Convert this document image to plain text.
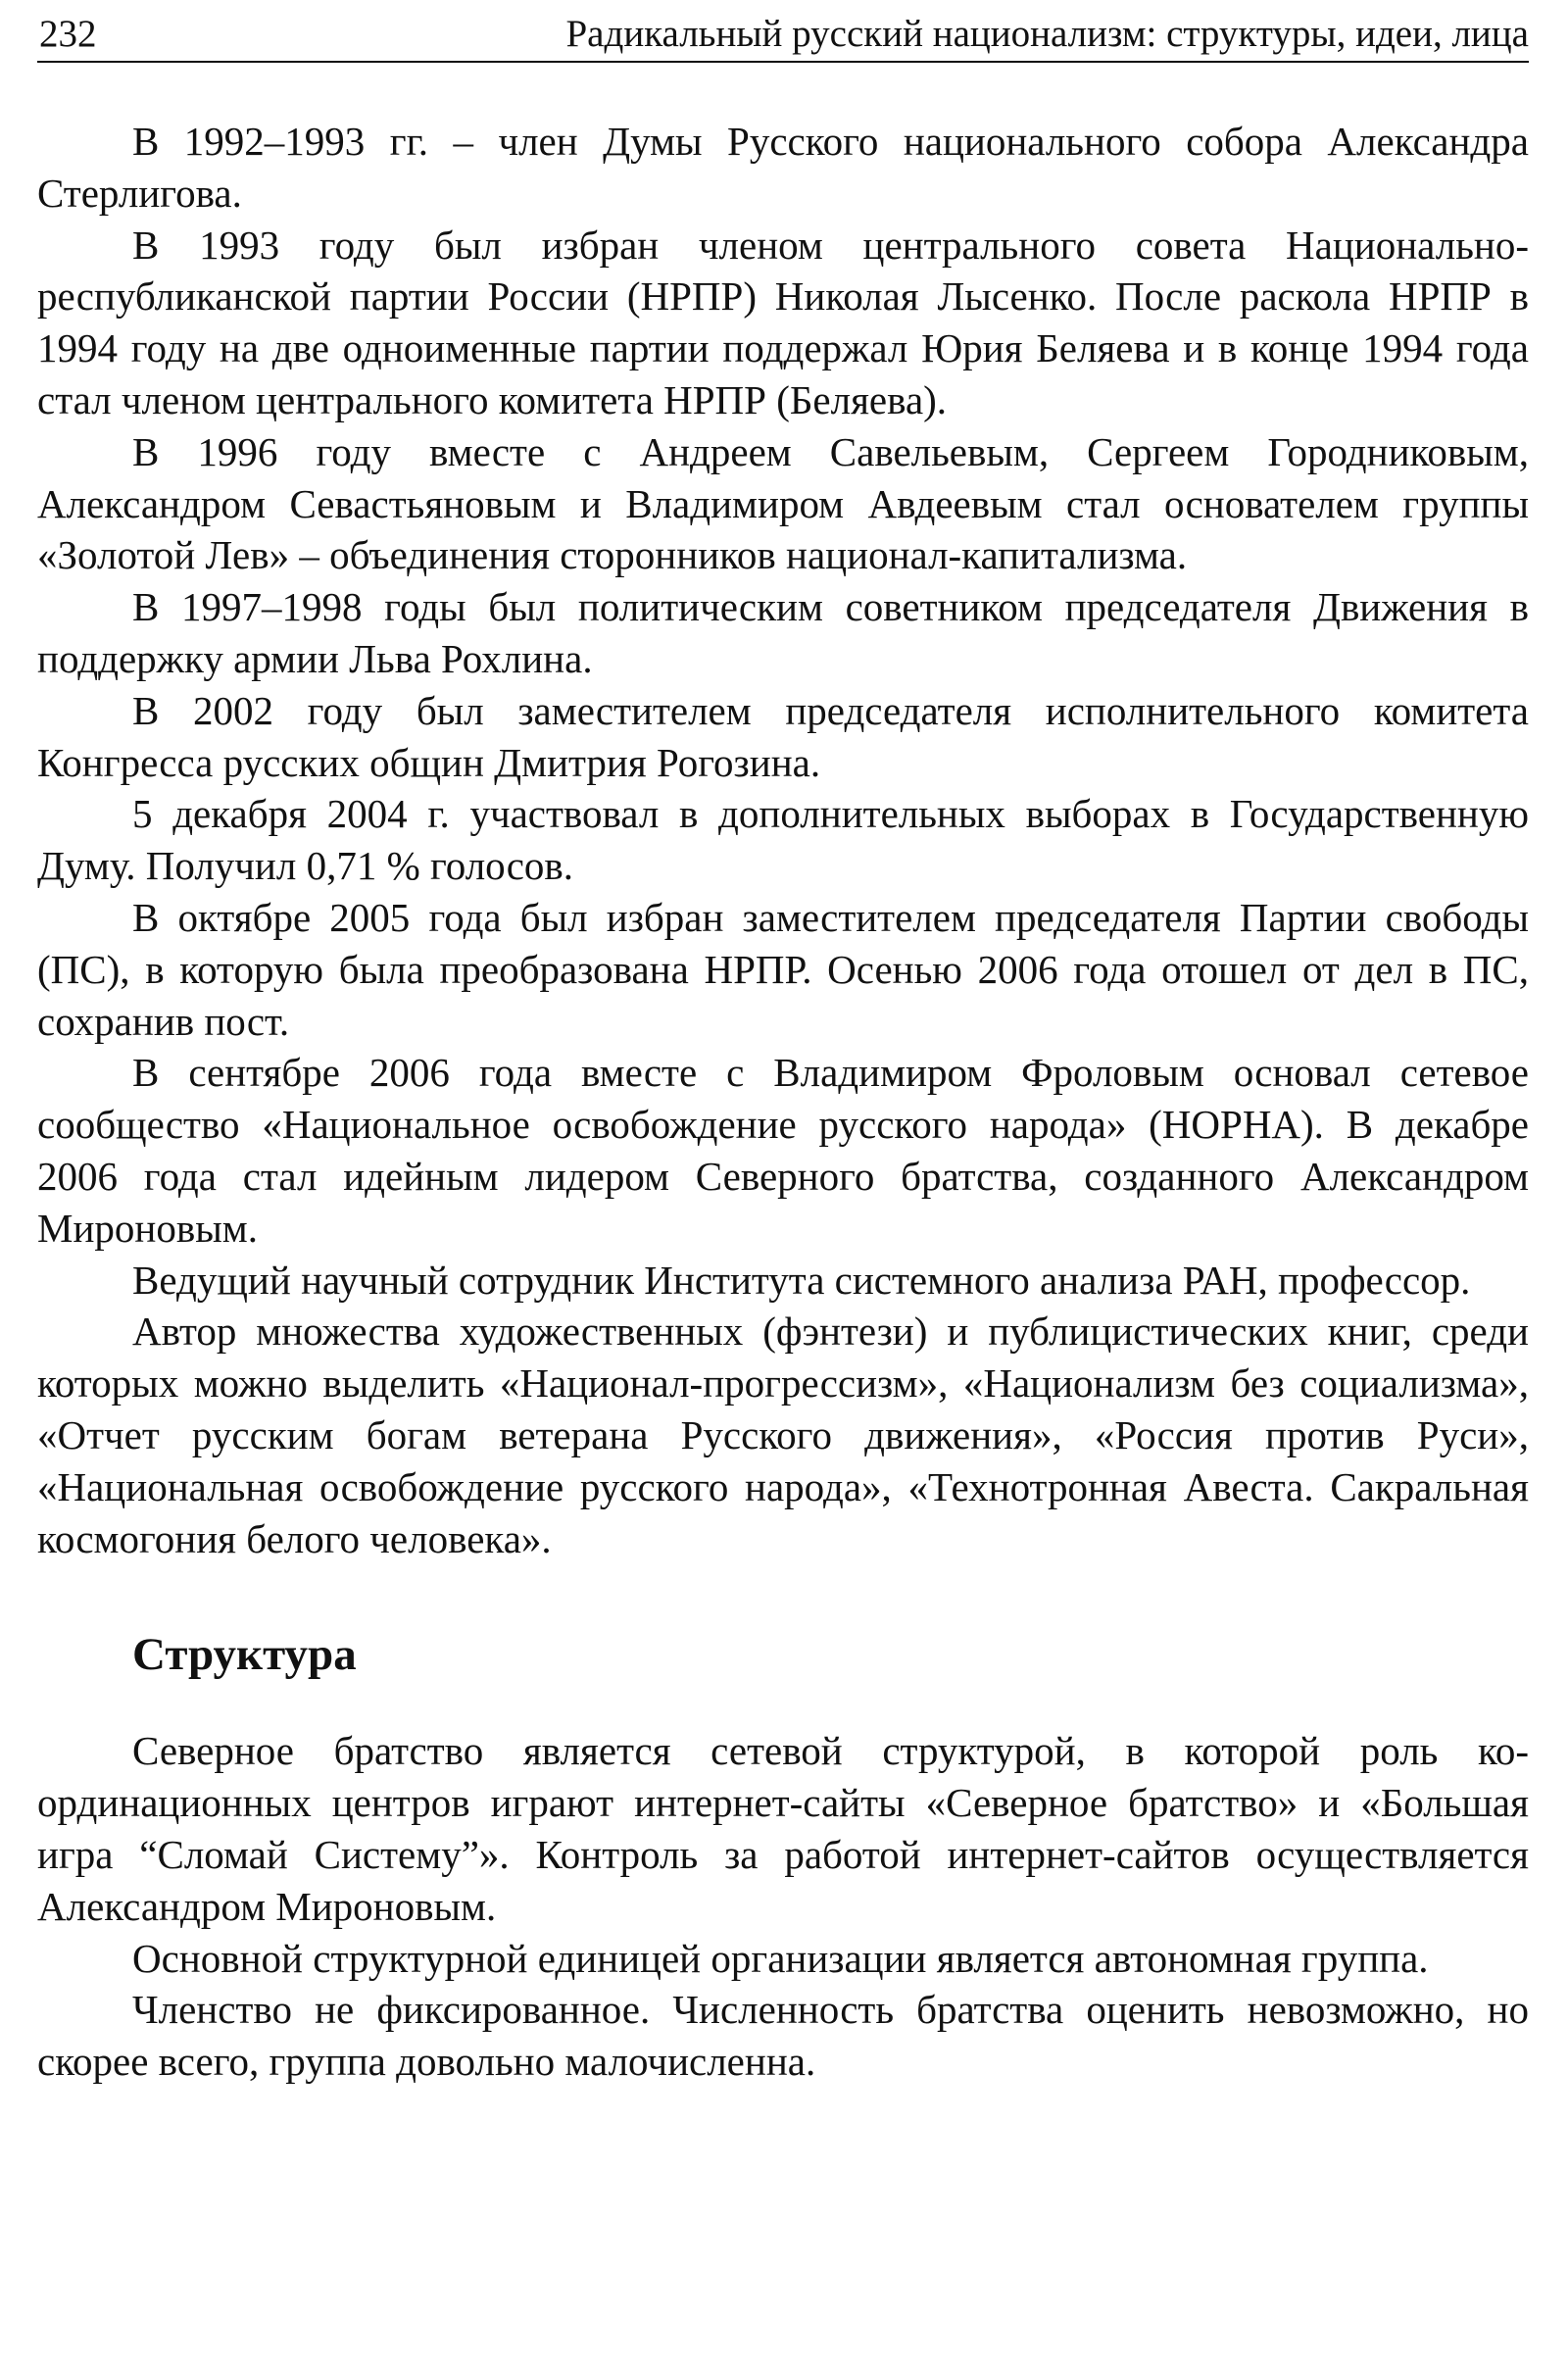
232	Радикальный русский национализм: структуры, идеи, лица

В 1992–1993 гг. – член Думы Русского национального собора Александра Стерлигова.

В 1993 году был избран членом центрального совета Национально-республиканской партии России (НРПР) Николая Лысенко. После раскола НРПР в 1994 году на две одноименные партии поддержал Юрия Беляева и в конце 1994 года стал членом центрального комитета НРПР (Беляева).

В 1996 году вместе с Андреем Савельевым, Сергеем Городниковым, Александром Севастьяновым и Владимиром Авдеевым стал основателем группы «Золотой Лев» – объединения сторонников национал-капитализма.

В 1997–1998 годы был политическим советником председателя Движения в поддержку армии Льва Рохлина.

В 2002 году был заместителем председателя исполнительного комитета Конгресса русских общин Дмитрия Рогозина.

5 декабря 2004 г. участвовал в дополнительных выборах в Государственную Думу. Получил 0,71 % голосов.

В октябре 2005 года был избран заместителем председателя Партии свободы (ПС), в которую была преобразована НРПР. Осенью 2006 года отошел от дел в ПС, сохранив пост.

В сентябре 2006 года вместе с Владимиром Фроловым основал сетевое сообщество «Национальное освобождение русского народа» (НОРНА). В декабре 2006 года стал идейным лидером Северного братства, созданного Александром Мироновым.

Ведущий научный сотрудник Института системного анализа РАН, профессор.

Автор множества художественных (фэнтези) и публицистических книг, среди которых можно выделить «Национал-прогрессизм», «Национализм без социализма», «Отчет русским богам ветерана Русского движения», «Россия против Руси», «Национальная освобождение русского народа», «Технотронная Авеста. Сакральная космогония белого человека».

Структура

Северное братство является сетевой структурой, в которой роль координационных центров играют интернет-сайты «Северное братство» и «Большая игра “Сломай Систему”». Контроль за работой интернет-сайтов осуществляется Александром Мироновым.

Основной структурной единицей организации является автономная группа.

Членство не фиксированное. Численность братства оценить невозможно, но скорее всего, группа довольно малочисленна.
